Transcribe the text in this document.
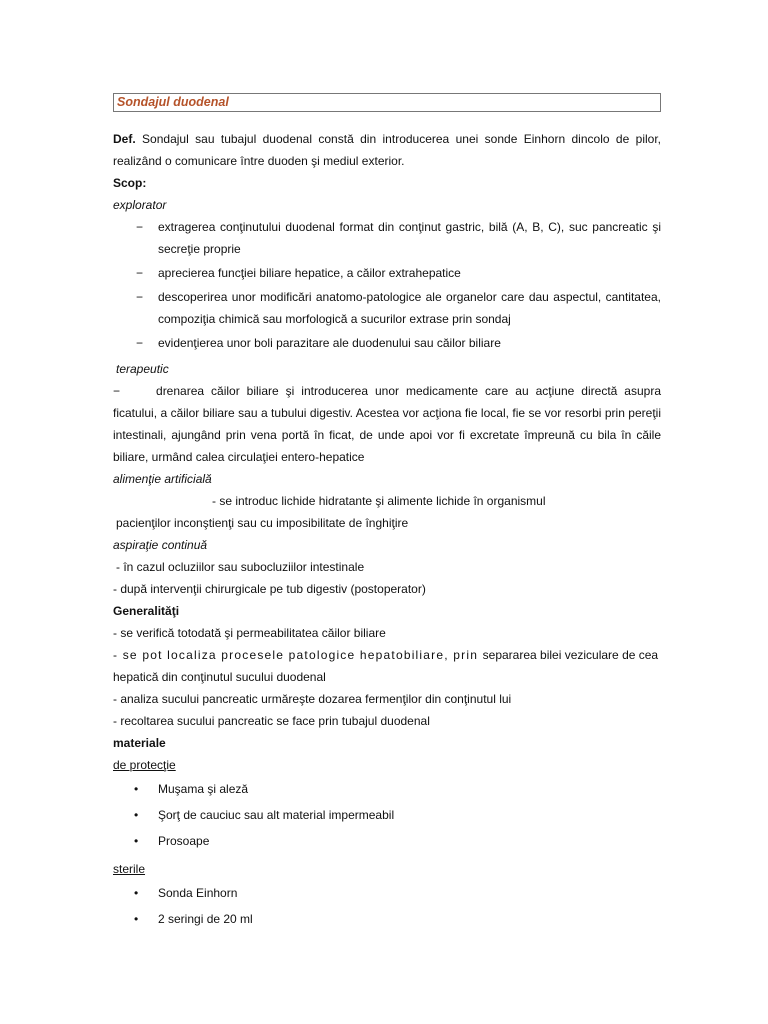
Sondajul duodenal

Def. Sondajul sau tubajul duodenal constă din introducerea unei sonde Einhorn dincolo de pilor, realizând o comunicare între duoden şi mediul exterior.

Scop:

explorator

− extragerea conţinutului duodenal format din conţinut gastric, bilă (A, B, C), suc pancreatic şi secreţie proprie
− aprecierea funcţiei biliare hepatice, a căilor extrahepatice
− descoperirea unor modificări anatomo-patologice ale organelor care dau aspectul, cantitatea, compoziţia chimică sau morfologică a sucurilor extrase prin sondaj
− evidenţierea unor boli parazitare ale duodenului sau căilor biliare

terapeutic

−	drenarea căilor biliare şi introducerea unor medicamente care au acţiune directă asupra ficatului, a căilor biliare sau a tubului digestiv. Acestea vor acţiona fie local, fie se vor resorbi prin pereţii intestinali, ajungând prin vena portă în ficat, de unde apoi vor fi excretate împreună cu bila în căile biliare, urmând calea circulaţiei entero-hepatice

alimenţie artificială

- se introduc lichide hidratante şi alimente lichide în organismul

pacienţilor inconştienţi sau cu imposibilitate de înghiţire

aspiraţie continuă

- în cazul ocluziilor sau subocluziilor intestinale

- după intervenţii chirurgicale pe tub digestiv (postoperator)

Generalităţi

- se verifică totodată şi permeabilitatea căilor biliare

- se pot localiza procesele patologice hepatobiliare, prin separarea bilei veziculare de cea hepatică din conţinutul sucului duodenal

- analiza sucului pancreatic urmăreşte dozarea fermenţilor din conţinutul lui

- recoltarea sucului pancreatic se face prin tubajul duodenal

materiale

de protecţie

• Muşama şi aleză
• Şorţ de cauciuc sau alt material impermeabil
• Prosoape

sterile

• Sonda Einhorn
• 2 seringi de 20 ml
